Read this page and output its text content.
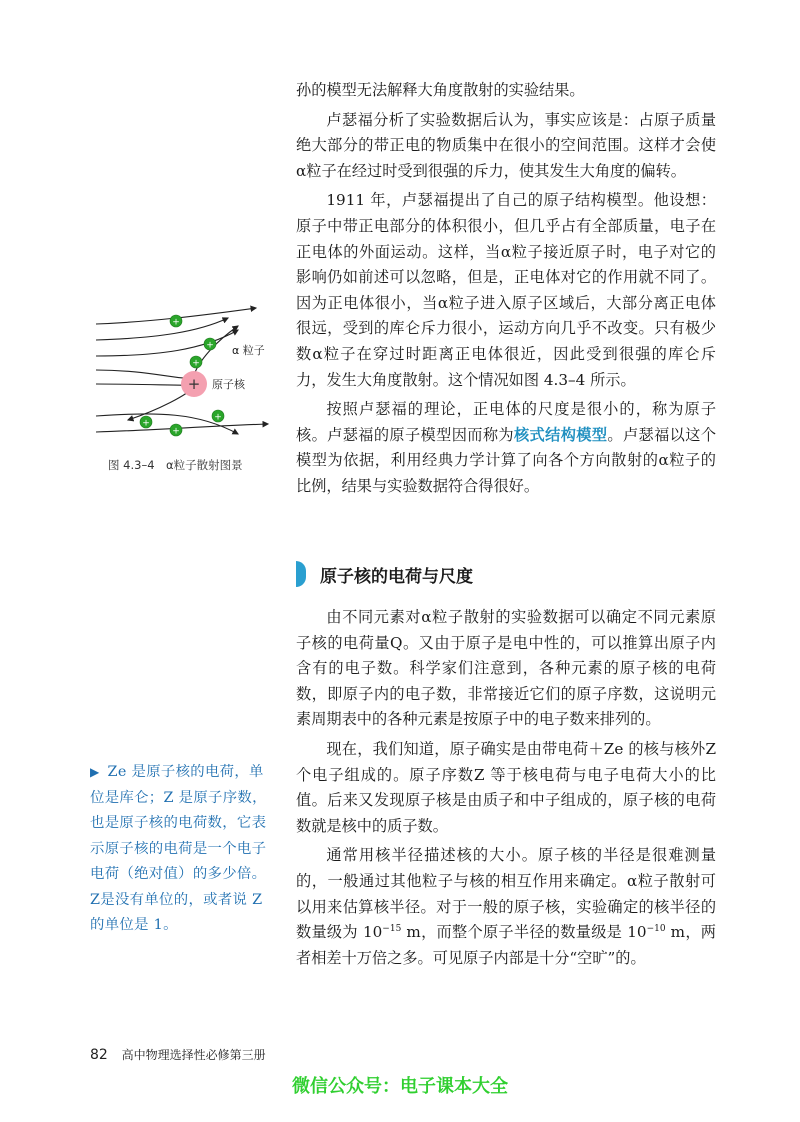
孙的模型无法解释大角度散射的实验结果。

卢瑟福分析了实验数据后认为，事实应该是：占原子质量绝大部分的带正电的物质集中在很小的空间范围。这样才会使α粒子在经过时受到很强的斥力，使其发生大角度的偏转。

1911 年，卢瑟福提出了自己的原子结构模型。他设想：原子中带正电部分的体积很小，但几乎占有全部质量，电子在正电体的外面运动。这样，当α粒子接近原子时，电子对它的影响仍如前述可以忽略，但是，正电体对它的作用就不同了。因为正电体很小，当α粒子进入原子区域后，大部分离正电体很远，受到的库仑斥力很小，运动方向几乎不改变。只有极少数α粒子在穿过时距离正电体很近，因此受到很强的库仑斥力，发生大角度散射。这个情况如图 4.3–4 所示。

按照卢瑟福的理论，正电体的尺度是很小的，称为原子核。卢瑟福的原子模型因而称为核式结构模型。卢瑟福以这个模型为依据，利用经典力学计算了向各个方向散射的α粒子的比例，结果与实验数据符合得很好。

原子核的电荷与尺度

由不同元素对α粒子散射的实验数据可以确定不同元素原子核的电荷量Q。又由于原子是电中性的，可以推算出原子内含有的电子数。科学家们注意到，各种元素的原子核的电荷数，即原子内的电子数，非常接近它们的原子序数，这说明元素周期表中的各种元素是按原子中的电子数来排列的。

现在，我们知道，原子确实是由带电荷＋Ze 的核与核外Z 个电子组成的。原子序数Z 等于核电荷与电子电荷大小的比值。后来又发现原子核是由质子和中子组成的，原子核的电荷数就是核中的质子数。

通常用核半径描述核的大小。原子核的半径是很难测量的，一般通过其他粒子与核的相互作用来确定。α粒子散射可以用来估算核半径。对于一般的原子核，实验确定的核半径的数量级为 $10^{-15}$ m，而整个原子半径的数量级是 $10^{-10}$ m，两者相差十万倍之多。可见原子内部是十分“空旷”的。

▶ Ze 是原子核的电荷，单位是库仑；Z 是原子序数，也是原子核的电荷数，它表示原子核的电荷是一个电子电荷（绝对值）的多少倍。Z是没有单位的，或者说 Z 的单位是 1。
+
+
+
+
+
+
+
α 粒子
原子核
图 4.3–4　α粒子散射图景
82 高中物理选择性必修第三册
微信公众号：电子课本大全
